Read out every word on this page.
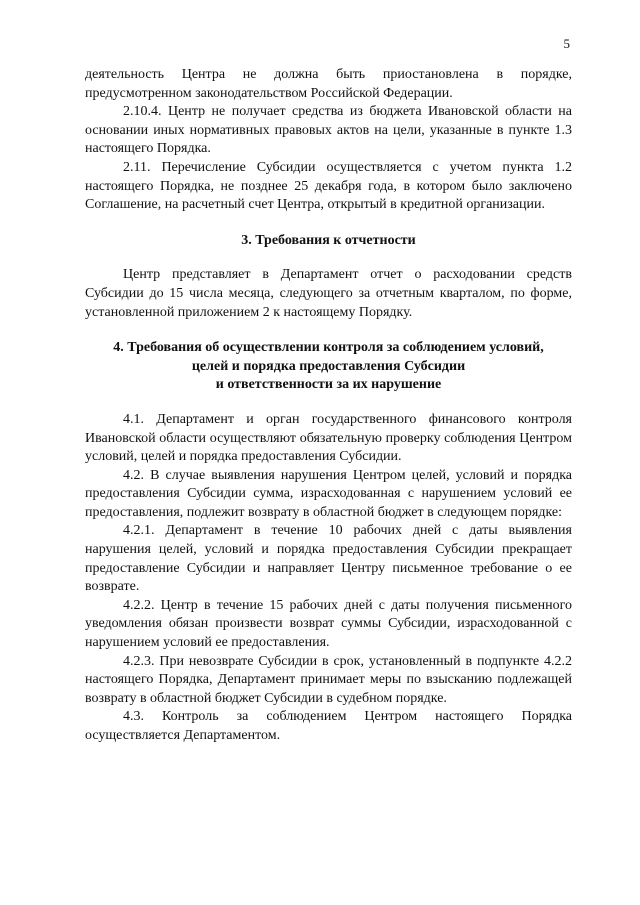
5

деятельность Центра не должна быть приостановлена в порядке, предусмотренном законодательством Российской Федерации.

2.10.4. Центр не получает средства из бюджета Ивановской области на основании иных нормативных правовых актов на цели, указанные в пункте 1.3 настоящего Порядка.

2.11. Перечисление Субсидии осуществляется с учетом пункта 1.2 настоящего Порядка, не позднее 25 декабря года, в котором было заключено Соглашение, на расчетный счет Центра, открытый в кредитной организации.

3. Требования к отчетности

Центр представляет в Департамент отчет о расходовании средств Субсидии до 15 числа месяца, следующего за отчетным кварталом, по форме, установленной приложением 2 к настоящему Порядку.

4. Требования об осуществлении контроля за соблюдением условий,
целей и порядка предоставления Субсидии
и ответственности за их нарушение

4.1. Департамент и орган государственного финансового контроля Ивановской области осуществляют обязательную проверку соблюдения Центром условий, целей и порядка предоставления Субсидии.

4.2. В случае выявления нарушения Центром целей, условий и порядка предоставления Субсидии сумма, израсходованная с нарушением условий ее предоставления, подлежит возврату в областной бюджет в следующем порядке:

4.2.1. Департамент в течение 10 рабочих дней с даты выявления нарушения целей, условий и порядка предоставления Субсидии прекращает предоставление Субсидии и направляет Центру письменное требование о ее возврате.

4.2.2. Центр в течение 15 рабочих дней с даты получения письменного уведомления обязан произвести возврат суммы Субсидии, израсходованной с нарушением условий ее предоставления.

4.2.3. При невозврате Субсидии в срок, установленный в подпункте 4.2.2 настоящего Порядка, Департамент принимает меры по взысканию подлежащей возврату в областной бюджет Субсидии в судебном порядке.

4.3. Контроль за соблюдением Центром настоящего Порядка осуществляется Департаментом.
